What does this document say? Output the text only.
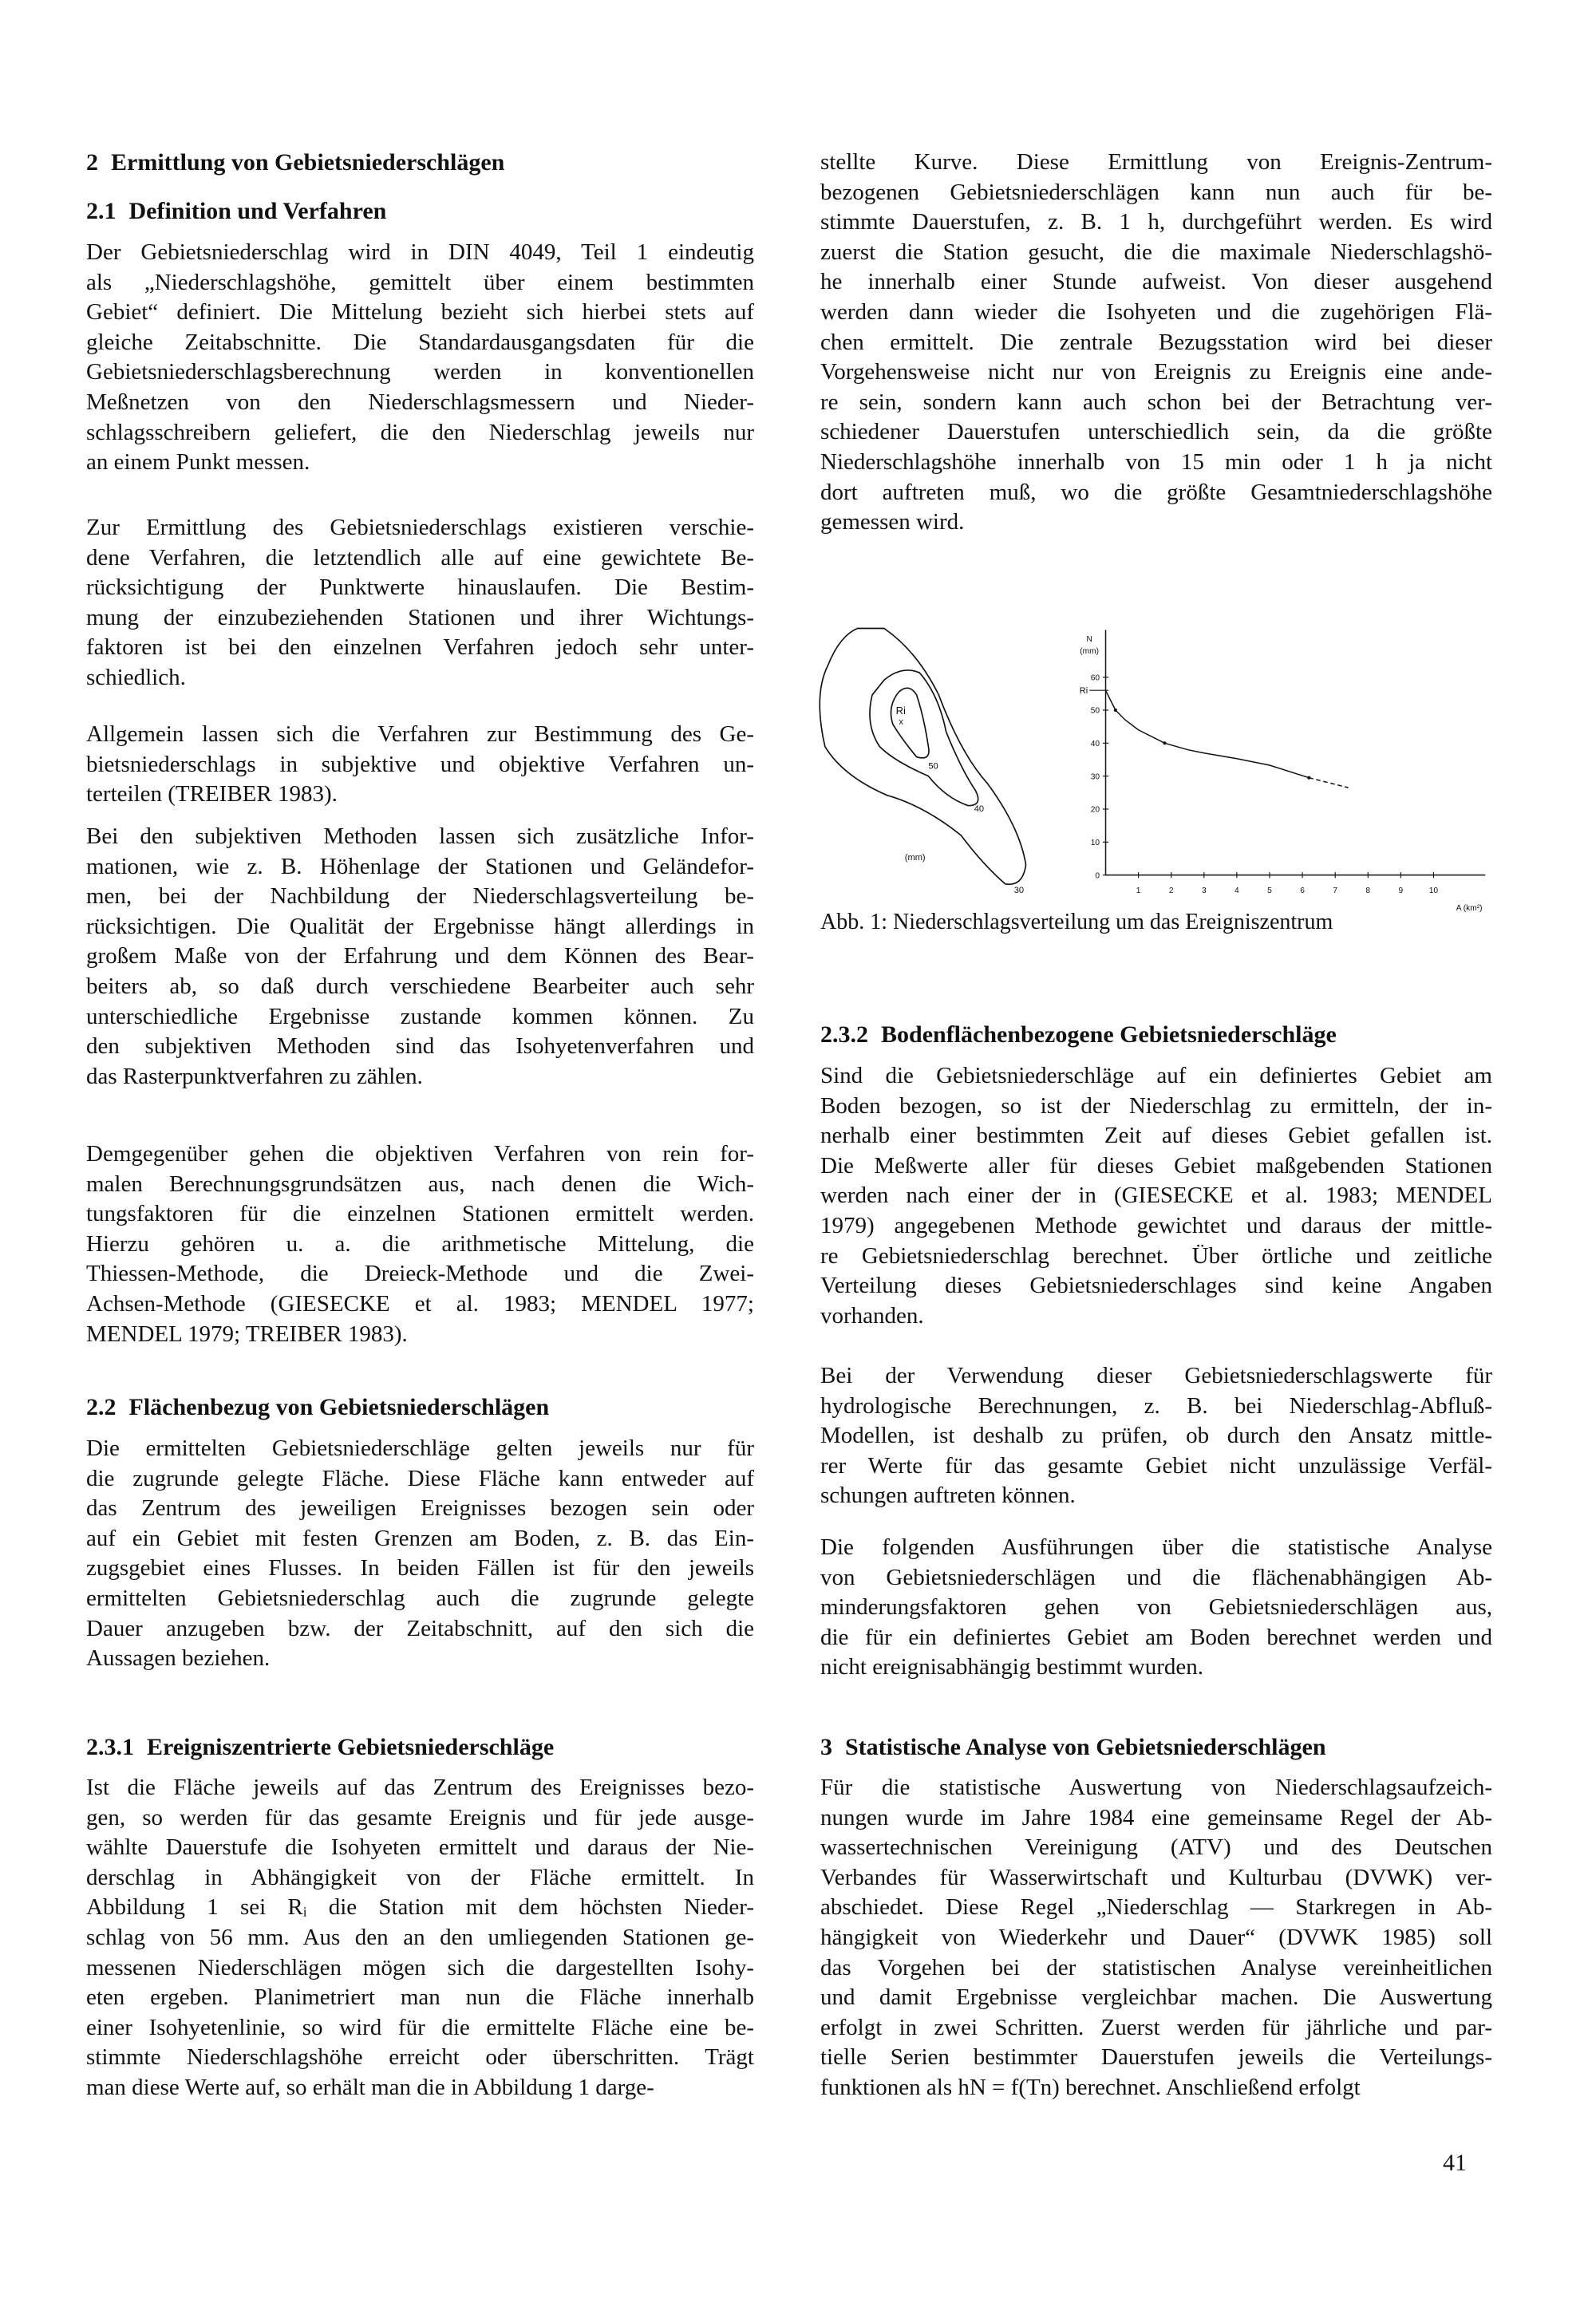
2 Ermittlung von Gebietsniederschlägen
2.1 Definition und Verfahren
Der Gebietsniederschlag wird in DIN 4049, Teil 1 eindeutig
als „Niederschlagshöhe, gemittelt über einem bestimmten
Gebiet“ definiert. Die Mittelung bezieht sich hierbei stets auf
gleiche Zeitabschnitte. Die Standardausgangsdaten für die
Gebietsniederschlagsberechnung werden in konventionellen
Meßnetzen von den Niederschlagsmessern und Nieder-
schlagsschreibern geliefert, die den Niederschlag jeweils nur
an einem Punkt messen.
Zur Ermittlung des Gebietsniederschlags existieren verschie-
dene Verfahren, die letztendlich alle auf eine gewichtete Be-
rücksichtigung der Punktwerte hinauslaufen. Die Bestim-
mung der einzubeziehenden Stationen und ihrer Wichtungs-
faktoren ist bei den einzelnen Verfahren jedoch sehr unter-
schiedlich.
Allgemein lassen sich die Verfahren zur Bestimmung des Ge-
bietsniederschlags in subjektive und objektive Verfahren un-
terteilen (TREIBER 1983).
Bei den subjektiven Methoden lassen sich zusätzliche Infor-
mationen, wie z. B. Höhenlage der Stationen und Geländefor-
men, bei der Nachbildung der Niederschlagsverteilung be-
rücksichtigen. Die Qualität der Ergebnisse hängt allerdings in
großem Maße von der Erfahrung und dem Können des Bear-
beiters ab, so daß durch verschiedene Bearbeiter auch sehr
unterschiedliche Ergebnisse zustande kommen können. Zu
den subjektiven Methoden sind das Isohyetenverfahren und
das Rasterpunktverfahren zu zählen.
Demgegenüber gehen die objektiven Verfahren von rein for-
malen Berechnungsgrundsätzen aus, nach denen die Wich-
tungsfaktoren für die einzelnen Stationen ermittelt werden.
Hierzu gehören u. a. die arithmetische Mittelung, die
Thiessen-Methode, die Dreieck-Methode und die Zwei-
Achsen-Methode (GIESECKE et al. 1983; MENDEL 1977;
MENDEL 1979; TREIBER 1983).
2.2 Flächenbezug von Gebietsniederschlägen
Die ermittelten Gebietsniederschläge gelten jeweils nur für
die zugrunde gelegte Fläche. Diese Fläche kann entweder auf
das Zentrum des jeweiligen Ereignisses bezogen sein oder
auf ein Gebiet mit festen Grenzen am Boden, z. B. das Ein-
zugsgebiet eines Flusses. In beiden Fällen ist für den jeweils
ermittelten Gebietsniederschlag auch die zugrunde gelegte
Dauer anzugeben bzw. der Zeitabschnitt, auf den sich die
Aussagen beziehen.
2.3.1 Ereigniszentrierte Gebietsniederschläge
Ist die Fläche jeweils auf das Zentrum des Ereignisses bezo-
gen, so werden für das gesamte Ereignis und für jede ausge-
wählte Dauerstufe die Isohyeten ermittelt und daraus der Nie-
derschlag in Abhängigkeit von der Fläche ermittelt. In
Abbildung 1 sei Rᵢ die Station mit dem höchsten Nieder-
schlag von 56 mm. Aus den an den umliegenden Stationen ge-
messenen Niederschlägen mögen sich die dargestellten Isohy-
eten ergeben. Planimetriert man nun die Fläche innerhalb
einer Isohyetenlinie, so wird für die ermittelte Fläche eine be-
stimmte Niederschlagshöhe erreicht oder überschritten. Trägt
man diese Werte auf, so erhält man die in Abbildung 1 darge-
stellte Kurve. Diese Ermittlung von Ereignis-Zentrum-
bezogenen Gebietsniederschlägen kann nun auch für be-
stimmte Dauerstufen, z. B. 1 h, durchgeführt werden. Es wird
zuerst die Station gesucht, die die maximale Niederschlagshö-
he innerhalb einer Stunde aufweist. Von dieser ausgehend
werden dann wieder die Isohyeten und die zugehörigen Flä-
chen ermittelt. Die zentrale Bezugsstation wird bei dieser
Vorgehensweise nicht nur von Ereignis zu Ereignis eine ande-
re sein, sondern kann auch schon bei der Betrachtung ver-
schiedener Dauerstufen unterschiedlich sein, da die größte
Niederschlagshöhe innerhalb von 15 min oder 1 h ja nicht
dort auftreten muß, wo die größte Gesamtniederschlagshöhe
gemessen wird.
2.3.2 Bodenflächenbezogene Gebietsniederschläge
Sind die Gebietsniederschläge auf ein definiertes Gebiet am
Boden bezogen, so ist der Niederschlag zu ermitteln, der in-
nerhalb einer bestimmten Zeit auf dieses Gebiet gefallen ist.
Die Meßwerte aller für dieses Gebiet maßgebenden Stationen
werden nach einer der in (GIESECKE et al. 1983; MENDEL
1979) angegebenen Methode gewichtet und daraus der mittle-
re Gebietsniederschlag berechnet. Über örtliche und zeitliche
Verteilung dieses Gebietsniederschlages sind keine Angaben
vorhanden.
Bei der Verwendung dieser Gebietsniederschlagswerte für
hydrologische Berechnungen, z. B. bei Niederschlag-Abfluß-
Modellen, ist deshalb zu prüfen, ob durch den Ansatz mittle-
rer Werte für das gesamte Gebiet nicht unzulässige Verfäl-
schungen auftreten können.
Die folgenden Ausführungen über die statistische Analyse
von Gebietsniederschlägen und die flächenabhängigen Ab-
minderungsfaktoren gehen von Gebietsniederschlägen aus,
die für ein definiertes Gebiet am Boden berechnet werden und
nicht ereignisabhängig bestimmt wurden.
3 Statistische Analyse von Gebietsniederschlägen
Für die statistische Auswertung von Niederschlagsaufzeich-
nungen wurde im Jahre 1984 eine gemeinsame Regel der Ab-
wassertechnischen Vereinigung (ATV) und des Deutschen
Verbandes für Wasserwirtschaft und Kulturbau (DVWK) ver-
abschiedet. Diese Regel „Niederschlag — Starkregen in Ab-
hängigkeit von Wiederkehr und Dauer“ (DVWK 1985) soll
das Vorgehen bei der statistischen Analyse vereinheitlichen
und damit Ergebnisse vergleichbar machen. Die Auswertung
erfolgt in zwei Schritten. Zuerst werden für jährliche und par-
tielle Serien bestimmter Dauerstufen jeweils die Verteilungs-
funktionen als hN = f(Tn) berechnet. Anschließend erfolgt
Ri
x
50
40
30
(mm)
0
10
20
30
40
50
60
1	2	3	4	5	6	7	8	9	10
N
(mm)
A (km²)
Ri
Abb. 1: Niederschlagsverteilung um das Ereigniszentrum
41
